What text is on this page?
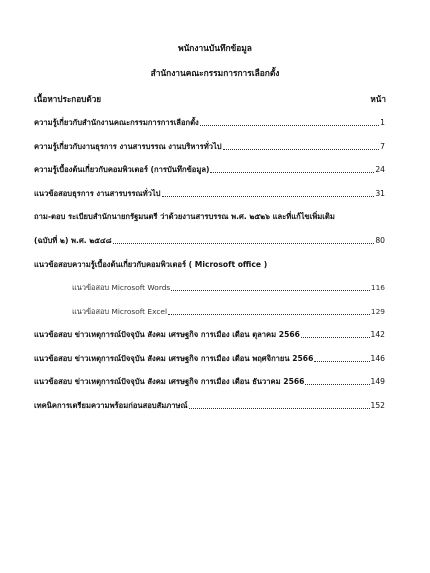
พนักงานบันทึกข้อมูล
สำนักงานคณะกรรมการการเลือกตั้ง
เนื้อหาประกอบด้วย	หน้า
ความรู้เกี่ยวกับสำนักงานคณะกรรมการการเลือกตั้ง	1
ความรู้เกี่ยวกับงานธุรการ งานสารบรรณ งานบริหารทั่วไป	7
ความรู้เบื้องต้นเกี่ยวกับคอมพิวเตอร์ (การบันทึกข้อมูล)	24
แนวข้อสอบธุรการ งานสารบรรณทั่วไป	31
ถาม-ตอบ ระเบียบสำนักนายกรัฐมนตรี ว่าด้วยงานสารบรรณ พ.ศ. ๒๕๒๖ และที่แก้ไขเพิ่มเติม
(ฉบับที่ ๒) พ.ศ. ๒๕๔๘	80
แนวข้อสอบความรู้เบื้องต้นเกี่ยวกับคอมพิวเตอร์ ( Microsoft office )
แนวข้อสอบ Microsoft Words	116
แนวข้อสอบ Microsoft Excel	129
แนวข้อสอบ ข่าวเหตุการณ์ปัจจุบัน สังคม เศรษฐกิจ การเมือง เดือน ตุลาคม 2566	142
แนวข้อสอบ ข่าวเหตุการณ์ปัจจุบัน สังคม เศรษฐกิจ การเมือง เดือน พฤศจิกายน 2566	146
แนวข้อสอบ ข่าวเหตุการณ์ปัจจุบัน สังคม เศรษฐกิจ การเมือง เดือน ธันวาคม 2566	149
เทคนิคการเตรียมความพร้อมก่อนสอบสัมภาษณ์	152
